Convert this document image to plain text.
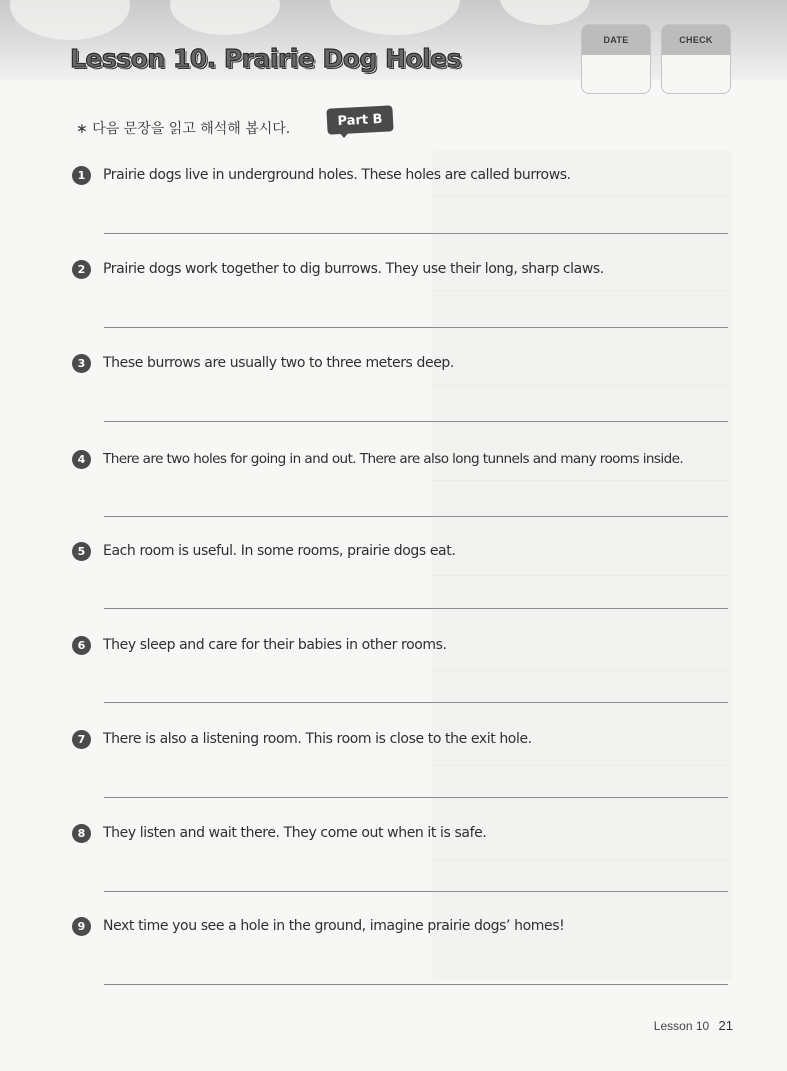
Lesson 10. Prairie Dog Holes
DATE	CHECK
∗ 다음 문장을 읽고 해석해 봅시다.
Part B
1	Prairie dogs live in underground holes. These holes are called burrows.
2	Prairie dogs work together to dig burrows. They use their long, sharp claws.
3	These burrows are usually two to three meters deep.
4	There are two holes for going in and out. There are also long tunnels and many rooms inside.
5	Each room is useful. In some rooms, prairie dogs eat.
6	They sleep and care for their babies in other rooms.
7	There is also a listening room. This room is close to the exit hole.
8	They listen and wait there. They come out when it is safe.
9	Next time you see a hole in the ground, imagine prairie dogs’ homes!
Lesson 10 21
